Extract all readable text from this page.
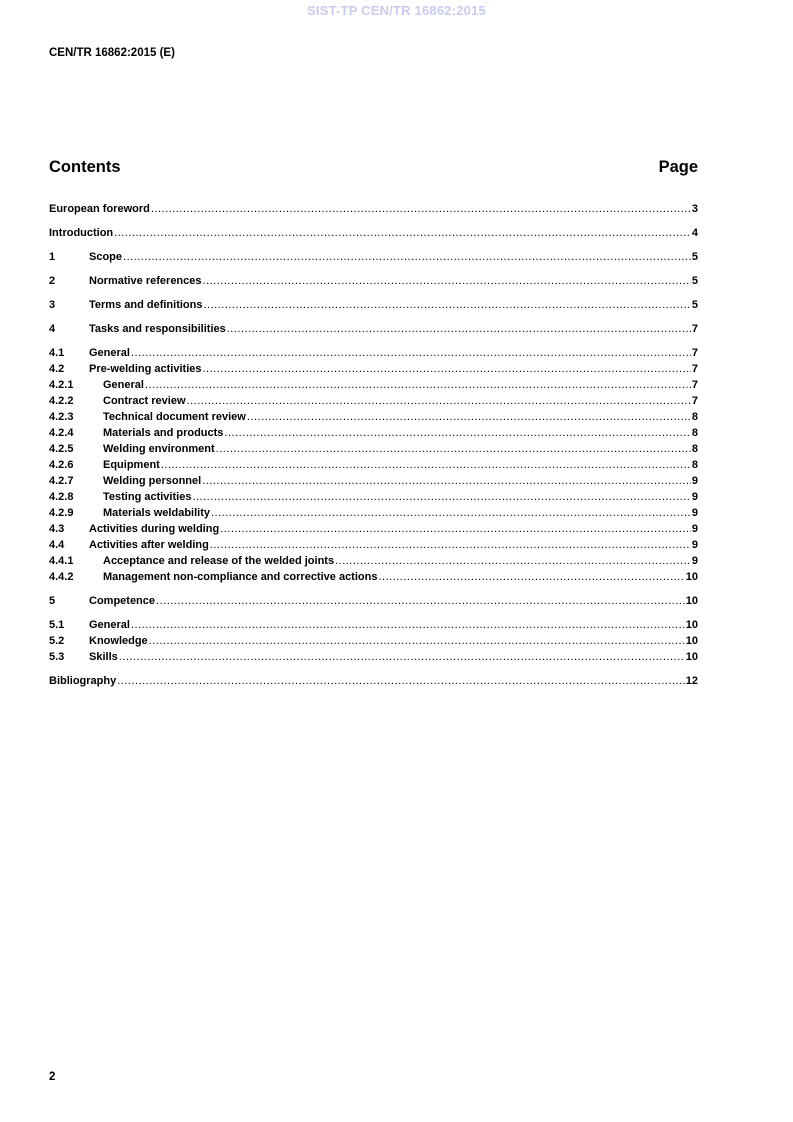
SIST-TP CEN/TR 16862:2015
CEN/TR 16862:2015 (E)
Contents	Page
European foreword .....	3
Introduction .....	4
1	Scope .....	5
2	Normative references .....	5
3	Terms and definitions .....	5
4	Tasks and responsibilities .....	7
4.1	General .....	7
4.2	Pre-welding activities .....	7
4.2.1	General .....	7
4.2.2	Contract review .....	7
4.2.3	Technical document review .....	8
4.2.4	Materials and products .....	8
4.2.5	Welding environment .....	8
4.2.6	Equipment .....	8
4.2.7	Welding personnel .....	9
4.2.8	Testing activities .....	9
4.2.9	Materials weldability .....	9
4.3	Activities during welding .....	9
4.4	Activities after welding .....	9
4.4.1	Acceptance and release of the welded joints .....	9
4.4.2	Management non-compliance and corrective actions .....	10
5	Competence .....	10
5.1	General .....	10
5.2	Knowledge .....	10
5.3	Skills .....	10
Bibliography .....	12
2
